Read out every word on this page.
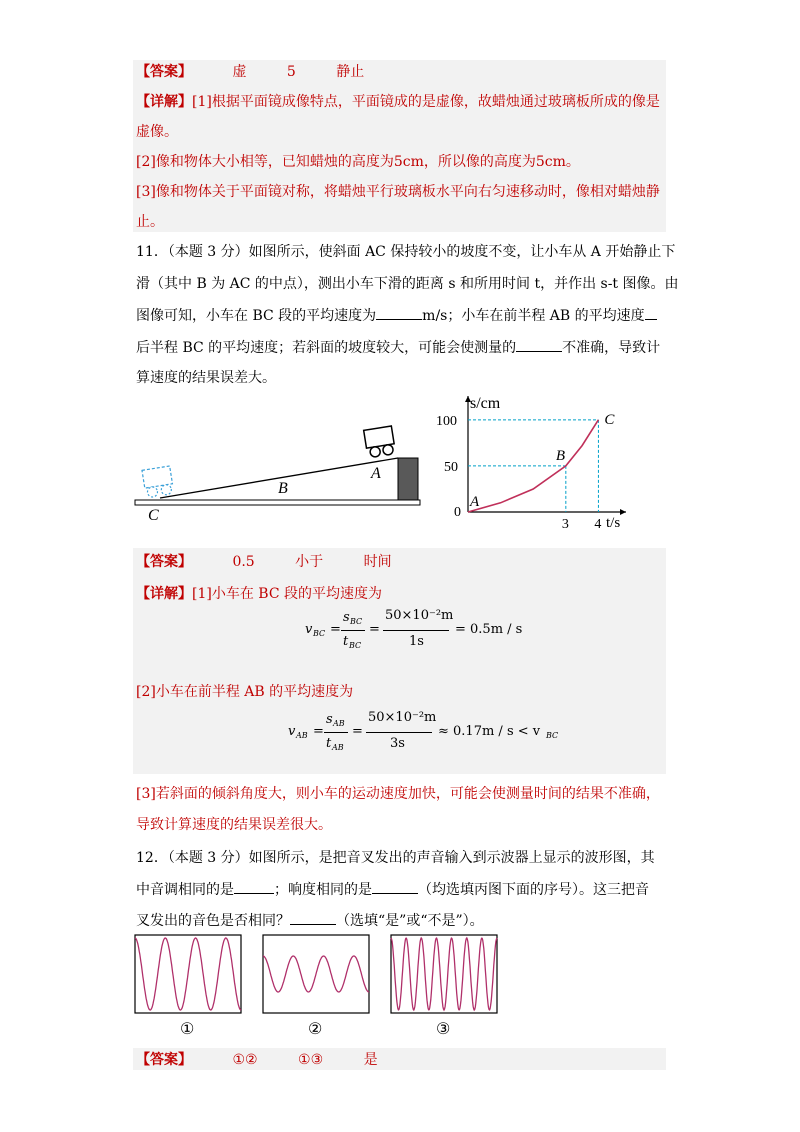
【答案】	虚	5	静止
【详解】[1]根据平面镜成像特点，平面镜成的是虚像，故蜡烛通过玻璃板所成的像是
虚像。
[2]像和物体大小相等，已知蜡烛的高度为5cm，所以像的高度为5cm。
[3]像和物体关于平面镜对称，将蜡烛平行玻璃板水平向右匀速移动时，像相对蜡烛静
止。
11．（本题 3 分）如图所示，使斜面 AC 保持较小的坡度不变，让小车从 A 开始静止下
滑（其中 B 为 AC 的中点），测出小车下滑的距离 s 和所用时间 t，并作出 s-t 图像。由
图像可知，小车在 BC 段的平均速度为	m/s；小车在前半程 AB 的平均速度
后半程 BC 的平均速度；若斜面的坡度较大，可能会使测量的	不准确，导致计
算速度的结果误差大。
A
B
C
s/cm
t/s
0
50
100
3 4
A
B
C
【答案】	0.5	小于	时间
【详解】[1]小车在 BC 段的平均速度为
v BC =
s BC
t BC
=
50×10⁻²m
1s
= 0.5m / s
[2]小车在前半程 AB 的平均速度为
v AB =
s AB
t AB
=
50×10⁻²m
3s
≈ 0.17m / s < v BC
[3]若斜面的倾斜角度大，则小车的运动速度加快，可能会使测量时间的结果不准确，
导致计算速度的结果误差很大。
12．（本题 3 分）如图所示，是把音叉发出的声音输入到示波器上显示的波形图，其
中音调相同的是	；响度相同的是	（均选填丙图下面的序号）。这三把音
叉发出的音色是否相同？	（选填“是”或“不是”）。
①	②	③
【答案】	①②	①③	是
